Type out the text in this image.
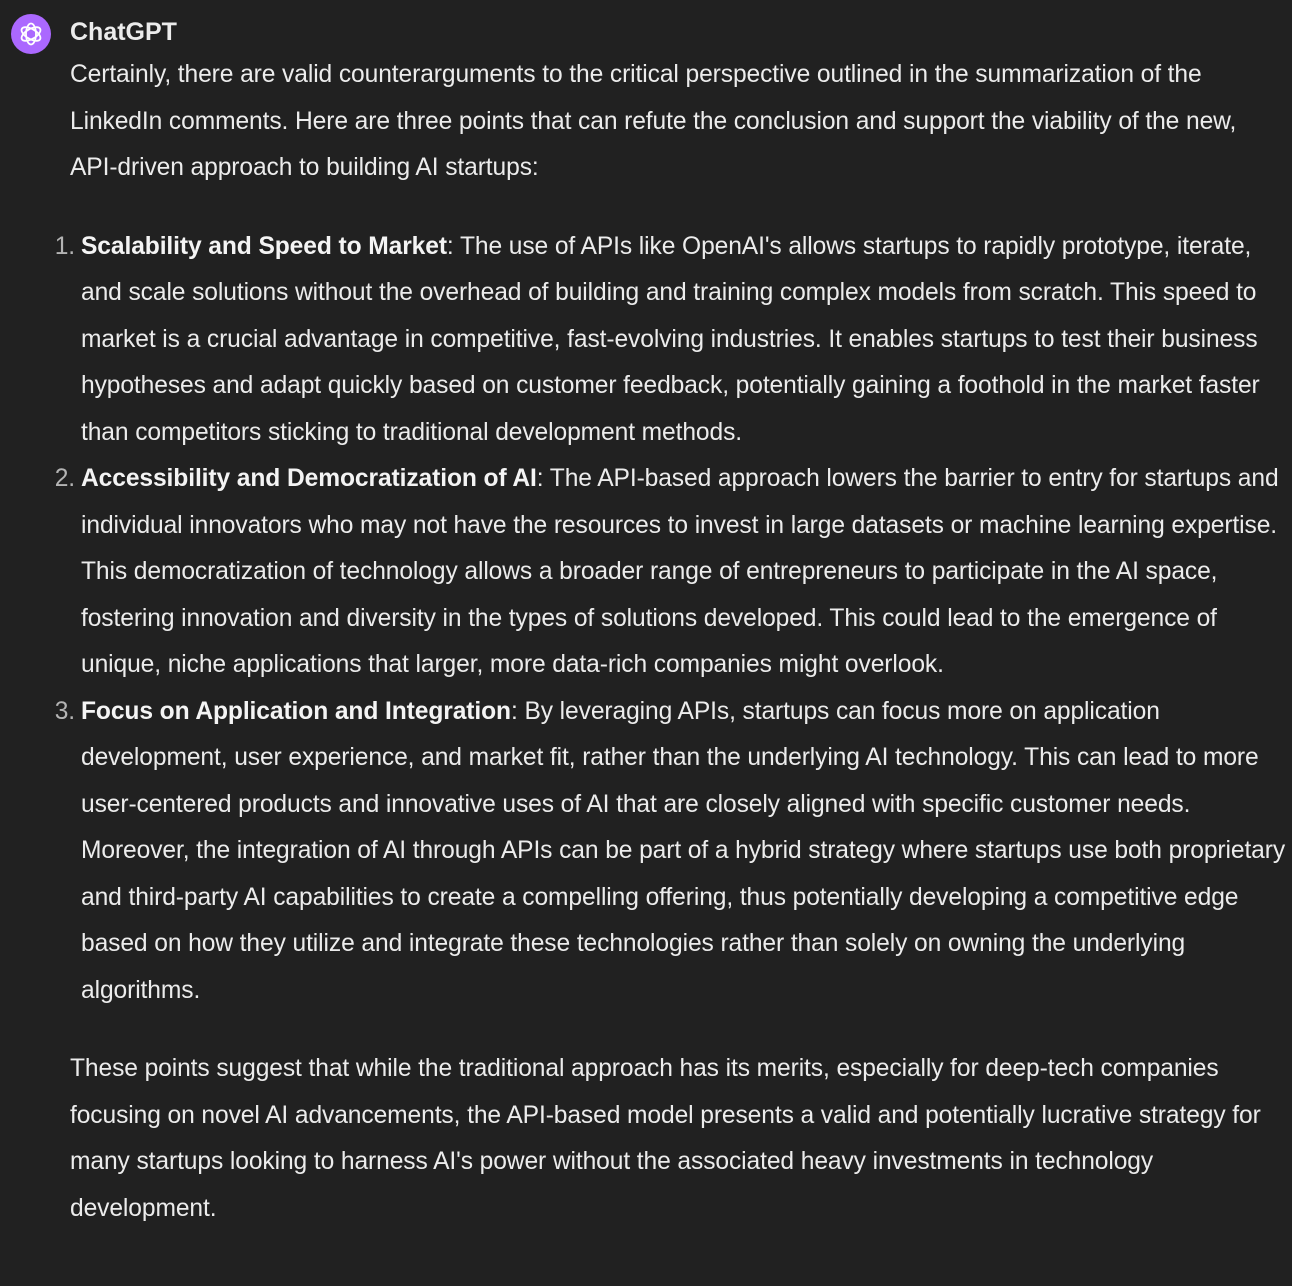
ChatGPT

Certainly, there are valid counterarguments to the critical perspective outlined in the summarization of the LinkedIn comments. Here are three points that can refute the conclusion and support the viability of the new, API-driven approach to building AI startups:

1. Scalability and Speed to Market: The use of APIs like OpenAI's allows startups to rapidly prototype, iterate, and scale solutions without the overhead of building and training complex models from scratch. This speed to market is a crucial advantage in competitive, fast-evolving industries. It enables startups to test their business hypotheses and adapt quickly based on customer feedback, potentially gaining a foothold in the market faster than competitors sticking to traditional development methods.
2. Accessibility and Democratization of AI: The API-based approach lowers the barrier to entry for startups and individual innovators who may not have the resources to invest in large datasets or machine learning expertise. This democratization of technology allows a broader range of entrepreneurs to participate in the AI space, fostering innovation and diversity in the types of solutions developed. This could lead to the emergence of unique, niche applications that larger, more data-rich companies might overlook.
3. Focus on Application and Integration: By leveraging APIs, startups can focus more on application development, user experience, and market fit, rather than the underlying AI technology. This can lead to more user-centered products and innovative uses of AI that are closely aligned with specific customer needs. Moreover, the integration of AI through APIs can be part of a hybrid strategy where startups use both proprietary and third-party AI capabilities to create a compelling offering, thus potentially developing a competitive edge based on how they utilize and integrate these technologies rather than solely on owning the underlying algorithms.

These points suggest that while the traditional approach has its merits, especially for deep-tech companies focusing on novel AI advancements, the API-based model presents a valid and potentially lucrative strategy for many startups looking to harness AI's power without the associated heavy investments in technology development.
